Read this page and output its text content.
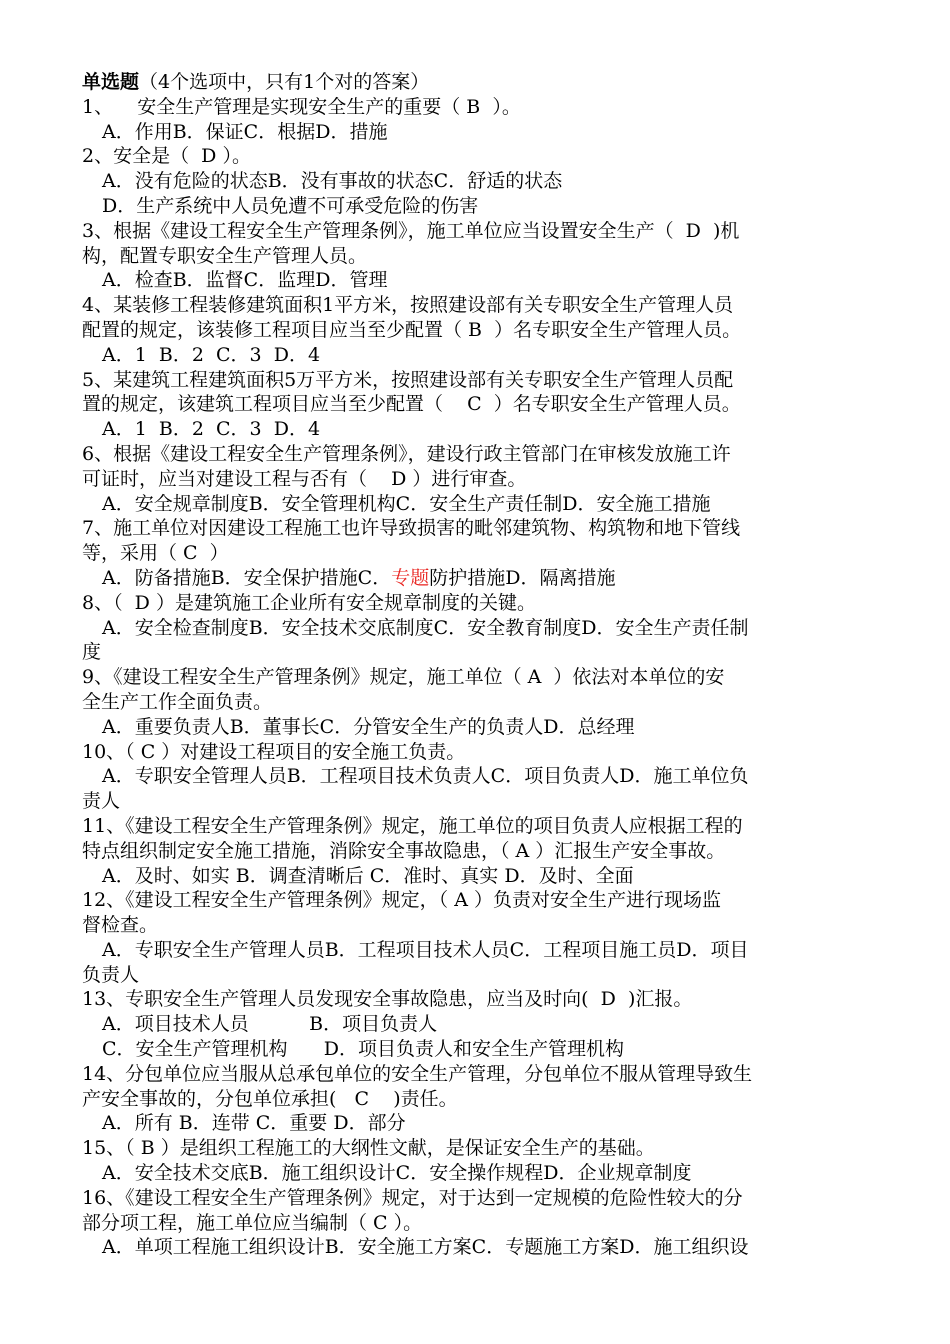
单选题（4个选项中，只有1个对的答案）
1、    安全生产管理是实现安全生产的重要（ B  ）。
A．作用B．保证C．根据D．措施
2、安全是（  D ）。
A．没有危险的状态B．没有事故的状态C．舒适的状态
D．生产系统中人员免遭不可承受危险的伤害
3、根据《建设工程安全生产管理条例》，施工单位应当设置安全生产（  D  )机
构，配置专职安全生产管理人员。
A．检查B．监督C．监理D．管理
4、某装修工程装修建筑面积1平方米，按照建设部有关专职安全生产管理人员
配置的规定，该装修工程项目应当至少配置（ B  ）名专职安全生产管理人员。
A．1  B．2  C．3  D．4
5、某建筑工程建筑面积5万平方米，按照建设部有关专职安全生产管理人员配
置的规定，该建筑工程项目应当至少配置（    C  ）名专职安全生产管理人员。
A．1  B．2  C．3  D．4
6、根据《建设工程安全生产管理条例》，建设行政主管部门在审核发放施工许
可证时，应当对建设工程与否有（    D ）进行审查。
A．安全规章制度B．安全管理机构C．安全生产责任制D．安全施工措施
7、施工单位对因建设工程施工也许导致损害的毗邻建筑物、构筑物和地下管线
等，采用（ C  ）
A．防备措施B．安全保护措施C．专题防护措施D．隔离措施
8、（  D ）是建筑施工企业所有安全规章制度的关键。
A．安全检查制度B．安全技术交底制度C．安全教育制度D．安全生产责任制
度
9、《建设工程安全生产管理条例》规定，施工单位（ A  ）依法对本单位的安
全生产工作全面负责。
A．重要负责人B．董事长C．分管安全生产的负责人D．总经理
10、（ C ）对建设工程项目的安全施工负责。
A．专职安全管理人员B．工程项目技术负责人C．项目负责人D．施工单位负
责人
11、《建设工程安全生产管理条例》规定，施工单位的项目负责人应根据工程的
特点组织制定安全施工措施，消除安全事故隐患，（ A ）汇报生产安全事故。
A．及时、如实 B．调查清晰后 C．准时、真实 D．及时、全面
12、《建设工程安全生产管理条例》规定，（ A ）负责对安全生产进行现场监
督检查。
A．专职安全生产管理人员B．工程项目技术人员C．工程项目施工员D．项目
负责人
13、专职安全生产管理人员发现安全事故隐患，应当及时向(  D  )汇报。
A．项目技术人员          B．项目负责人
C．安全生产管理机构      D．项目负责人和安全生产管理机构
14、分包单位应当服从总承包单位的安全生产管理，分包单位不服从管理导致生
产安全事故的，分包单位承担(   C    )责任。
A．所有 B．连带 C．重要 D．部分
15、（ B ）是组织工程施工的大纲性文献，是保证安全生产的基础。
A．安全技术交底B．施工组织设计C．安全操作规程D．企业规章制度
16、《建设工程安全生产管理条例》规定，对于达到一定规模的危险性较大的分
部分项工程，施工单位应当编制（ C ）。
A．单项工程施工组织设计B．安全施工方案C．专题施工方案D．施工组织设
